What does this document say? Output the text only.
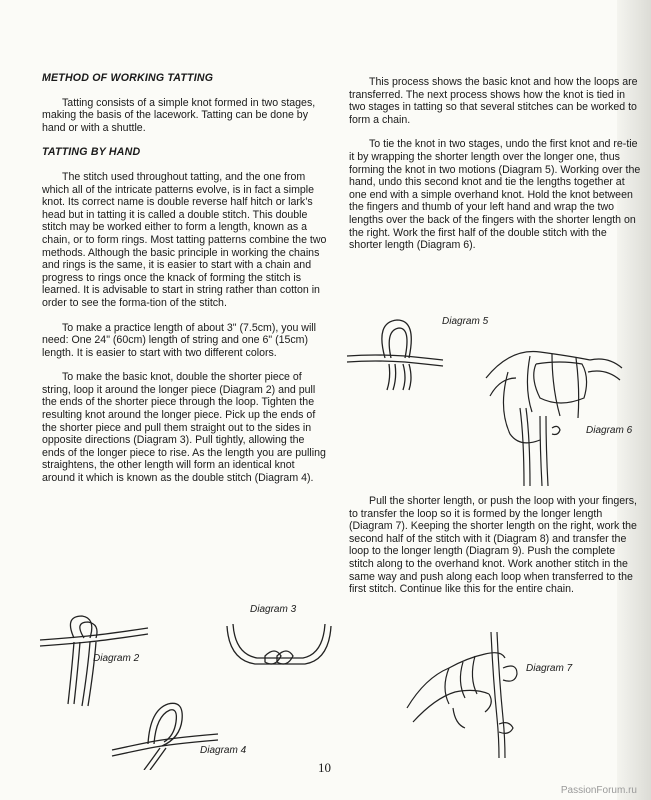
METHOD OF WORKING TATTING

Tatting consists of a simple knot formed in two stages, making the basis of the lacework. Tatting can be done by hand or with a shuttle.

TATTING BY HAND

The stitch used throughout tatting, and the one from which all of the intricate patterns evolve, is in fact a simple knot. Its correct name is double reverse half hitch or lark’s head but in tatting it is called a double stitch. This double stitch may be worked either to form a length, known as a chain, or to form rings. Most tatting patterns combine the two methods. Although the basic principle in working the chains and rings is the same, it is easier to start with a chain and progress to rings once the knack of forming the stitch is learned. It is advisable to start in string rather than cotton in order to see the forma-tion of the stitch.

To make a practice length of about 3" (7.5cm), you will need: One 24" (60cm) length of string and one 6" (15cm) length. It is easier to start with two different colors.

To make the basic knot, double the shorter piece of string, loop it around the longer piece (Diagram 2) and pull the ends of the shorter piece through the loop. Tighten the resulting knot around the longer piece. Pick up the ends of the shorter piece and pull them straight out to the sides in opposite directions (Diagram 3). Pull tightly, allowing the ends of the longer piece to rise. As the length you are pulling straightens, the other length will form an identical knot around it which is known as the double stitch (Diagram 4).

This process shows the basic knot and how the loops are transferred. The next process shows how the knot is tied in two stages in tatting so that several stitches can be worked to form a chain.

To tie the knot in two stages, undo the first knot and re-tie it by wrapping the shorter length over the longer one, thus forming the knot in two motions (Diagram 5). Working over the hand, undo this second knot and tie the lengths together at one end with a simple overhand knot. Hold the knot between the fingers and thumb of your left hand and wrap the two lengths over the back of the fingers with the shorter length on the right. Work the first half of the double stitch with the shorter length (Diagram 6).

Pull the shorter length, or push the loop with your fingers, to transfer the loop so it is formed by the longer length (Diagram 7). Keeping the shorter length on the right, work the second half of the stitch with it (Diagram 8) and transfer the loop to the longer length (Diagram 9). Push the complete stitch along to the overhand knot. Work another stitch in the same way and push along each loop when transferred to the first stitch. Continue like this for the entire chain.

Diagram 2
Diagram 3
Diagram 4
Diagram 5
Diagram 6
Diagram 7
10
PassionForum.ru
